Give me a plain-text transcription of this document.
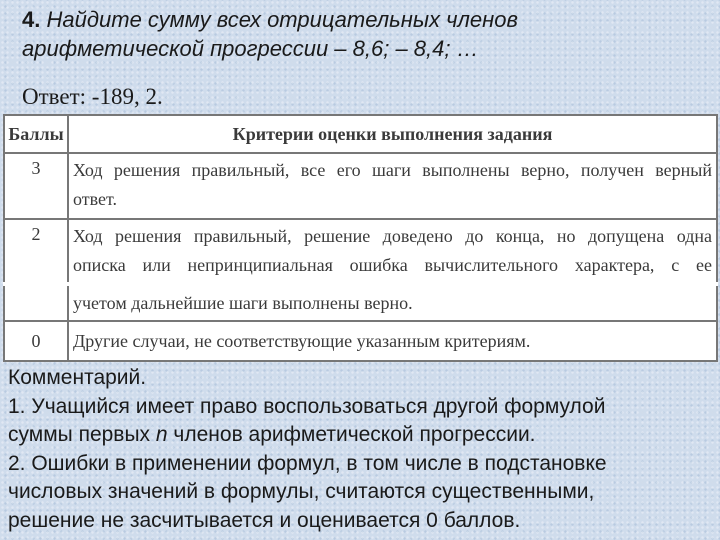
4. Найдите сумму всех отрицательных членов
арифметической прогрессии – 8,6; – 8,4; …
Ответ: -189, 2.
Баллы	Критерии оценки выполнения задания
3	Ход решения правильный, все его шаги выполнены верно, получен верный
ответ.
2	Ход решения правильный, решение доведено до конца, но допущена одна
описка или непринципиальная ошибка вычислительного характера, с ее
учетом дальнейшие шаги выполнены верно.
0	Другие случаи, не соответствующие указанным критериям.
Комментарий.
1. Учащийся имеет право воспользоваться другой формулой
суммы первых n членов арифметической прогрессии.
2. Ошибки в применении формул, в том числе в подстановке
числовых значений в формулы, считаются существенными,
решение не засчитывается и оценивается 0 баллов.
